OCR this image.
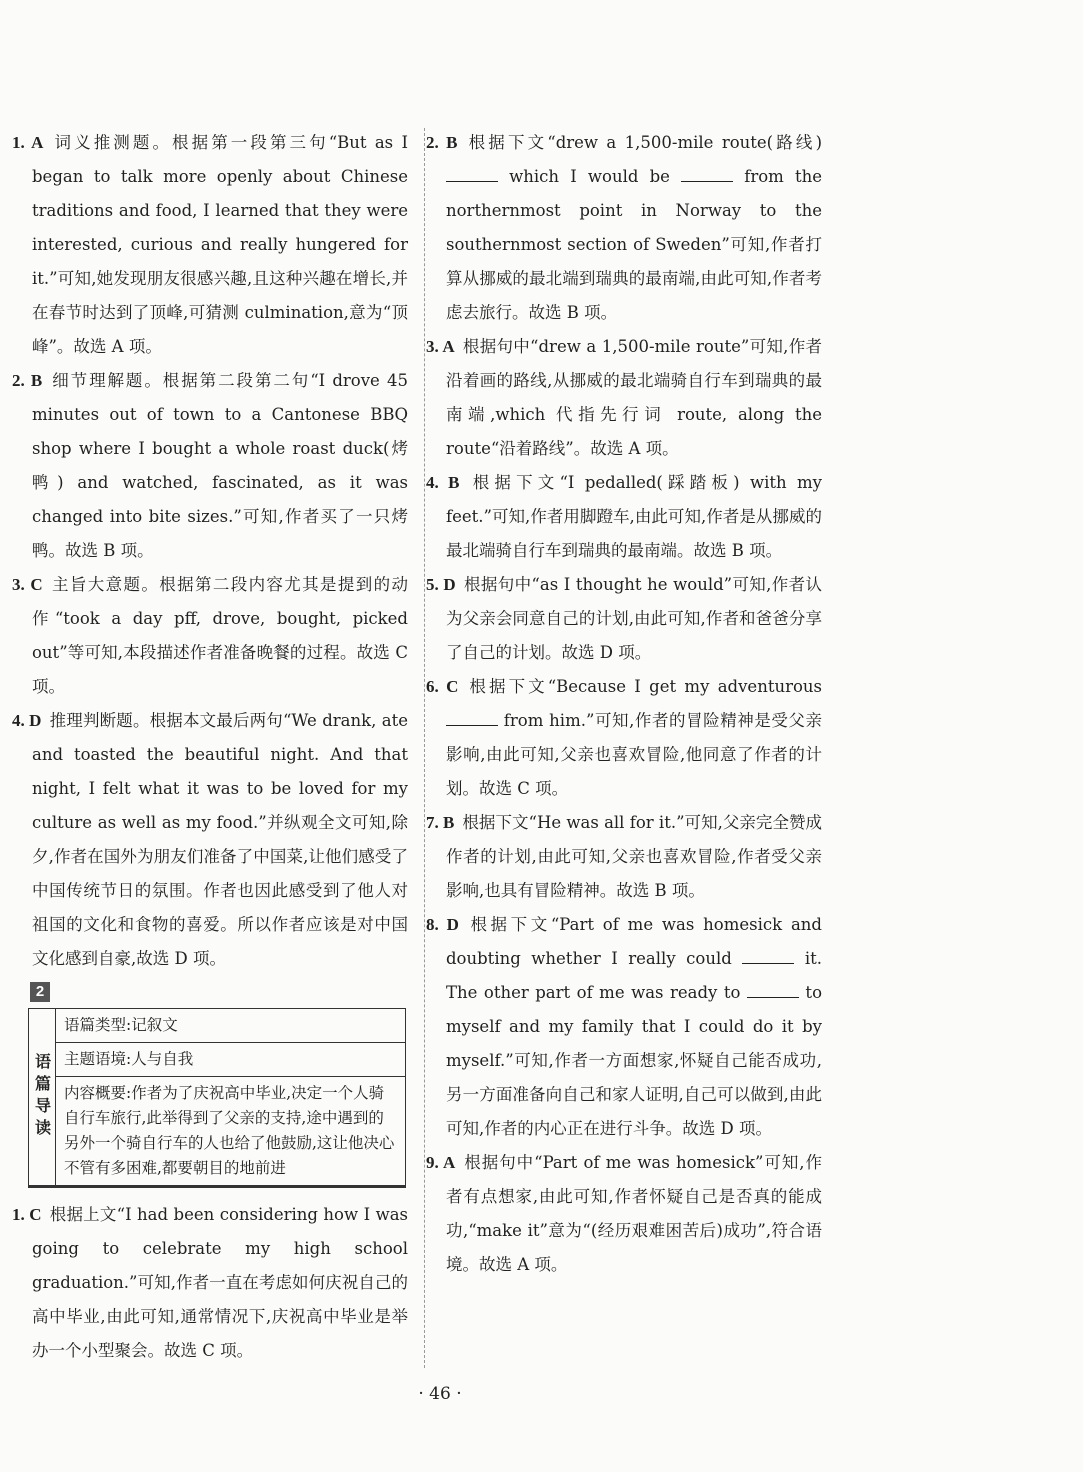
1. A 词义推测题。根据第一段第三句“But as I began to talk more openly about Chinese traditions and food, I learned that they were interested, curious and really hungered for it.”可知,她发现朋友很感兴趣,且这种兴趣在增长,并在春节时达到了顶峰,可猜测 culmination,意为“顶峰”。故选 A 项。

2. B 细节理解题。根据第二段第二句“I drove 45 minutes out of town to a Cantonese BBQ shop where I bought a whole roast duck(烤鸭) and watched, fascinated, as it was changed into bite sizes.”可知,作者买了一只烤鸭。故选 B 项。

3. C 主旨大意题。根据第二段内容尤其是提到的动作“took a day pff, drove, bought, picked out”等可知,本段描述作者准备晚餐的过程。故选 C 项。

4. D 推理判断题。根据本文最后两句“We drank, ate and toasted the beautiful night. And that night, I felt what it was to be loved for my culture as well as my food.”并纵观全文可知,除夕,作者在国外为朋友们准备了中国菜,让他们感受了中国传统节日的氛围。作者也因此感受到了他人对祖国的文化和食物的喜爱。所以作者应该是对中国文化感到自豪,故选 D 项。

2
语篇导读
语篇类型:记叙文
主题语境:人与自我
内容概要:作者为了庆祝高中毕业,决定一个人骑自行车旅行,此举得到了父亲的支持,途中遇到的另外一个骑自行车的人也给了他鼓励,这让他决心不管有多困难,都要朝目的地前进

1. C 根据上文“I had been considering how I was going to celebrate my high school graduation.”可知,作者一直在考虑如何庆祝自己的高中毕业,由此可知,通常情况下,庆祝高中毕业是举办一个小型聚会。故选 C 项。

2. B 根据下文“drew a 1,500-mile route(路线)  which I would be	from the northernmost point in Norway to the southernmost section of Sweden”可知,作者打算从挪威的最北端到瑞典的最南端,由此可知,作者考虑去旅行。故选 B 项。

3. A 根据句中“drew a 1,500-mile route”可知,作者沿着画的路线,从挪威的最北端骑自行车到瑞典的最南端,which 代指先行词 route, along the route“沿着路线”。故选 A 项。

4. B 根据下文“I pedalled(踩踏板) with my feet.”可知,作者用脚蹬车,由此可知,作者是从挪威的最北端骑自行车到瑞典的最南端。故选 B 项。

5. D 根据句中“as I thought he would”可知,作者认为父亲会同意自己的计划,由此可知,作者和爸爸分享了自己的计划。故选 D 项。

6. C 根据下文“Because I get my adventurous  from him.”可知,作者的冒险精神是受父亲影响,由此可知,父亲也喜欢冒险,他同意了作者的计划。故选 C 项。

7. B 根据下文“He was all for it.”可知,父亲完全赞成作者的计划,由此可知,父亲也喜欢冒险,作者受父亲影响,也具有冒险精神。故选 B 项。

8. D 根据下文“Part of me was homesick and doubting whether I really could	it. The other part of me was ready to	to myself and my family that I could do it by myself.”可知,作者一方面想家,怀疑自己能否成功,另一方面准备向自己和家人证明,自己可以做到,由此可知,作者的内心正在进行斗争。故选 D 项。

9. A 根据句中“Part of me was homesick”可知,作者有点想家,由此可知,作者怀疑自己是否真的能成功,“make it”意为“(经历艰难困苦后)成功”,符合语境。故选 A 项。

· 46 ·
